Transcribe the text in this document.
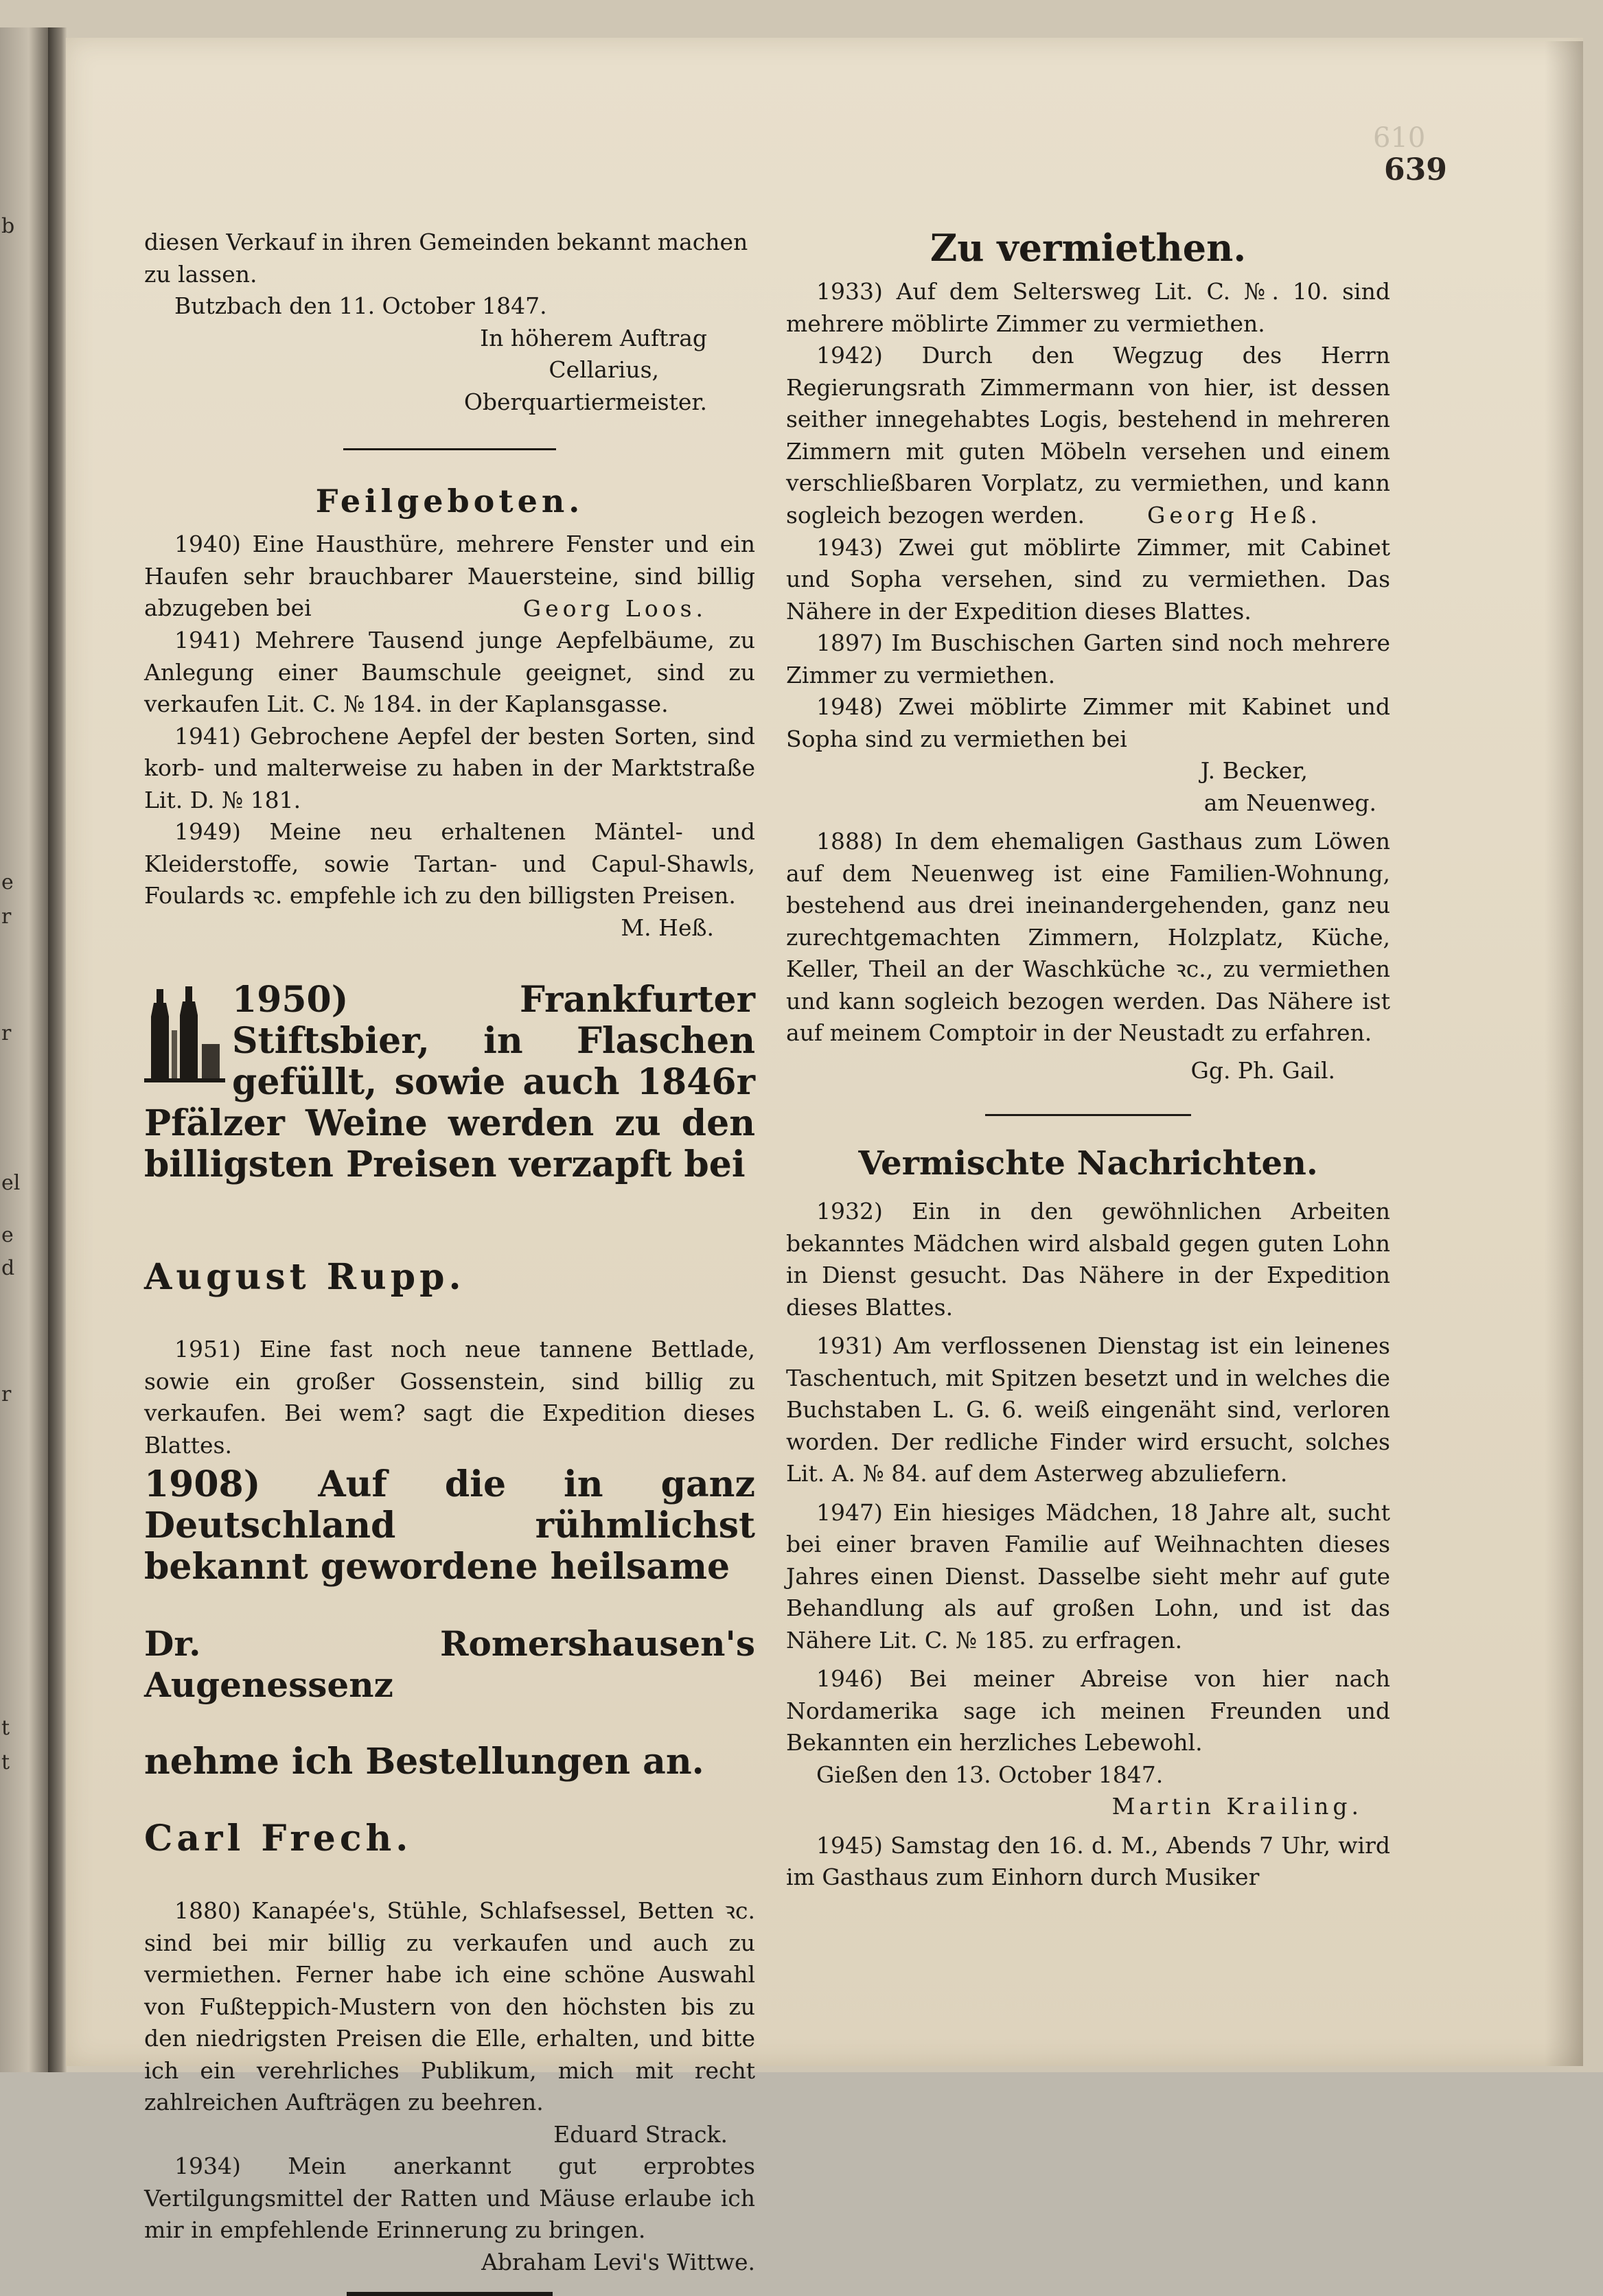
b
e
r
r
el
e
d
r
t
t
610
639

diesen Verkauf in ihren Gemeinden bekannt machen
zu lassen.

Butzbach den 11. October 1847.

In höherem Auftrag

Cellarius,

Oberquartiermeister.

Feilgeboten.

1940) Eine Hausthüre, mehrere Fenster und ein Haufen sehr brauchbarer Mauersteine, sind billig abzugeben bei	Georg Loos.

1941) Mehrere Tausend junge Aepfelbäume, zu Anlegung einer Baumschule geeignet, sind zu verkaufen Lit. C. № 184. in der Kaplansgasse.

1941) Gebrochene Aepfel der besten Sorten, sind korb- und malterweise zu haben in der Marktstraße Lit. D. № 181.

1949) Meine neu erhaltenen Mäntel- und Kleiderstoffe, sowie Tartan- und Capul-Shawls, Foulards ꝛc. empfehle ich zu den billigsten Preisen.

M. Heß.

1950) Frankfurter Stiftsbier, in Flaschen gefüllt, sowie auch 1846r Pfälzer Weine werden zu den billigsten Preisen verzapft bei

August Rupp.

1951) Eine fast noch neue tannene Bettlade, sowie ein großer Gossenstein, sind billig zu verkaufen. Bei wem? sagt die Expedition dieses Blattes.

1908) Auf die in ganz Deutschland rühmlichst bekannt gewordene heilsame

Dr. Romershausen's Augenessenz

nehme ich Bestellungen an.

Carl Frech.

1880) Kanapée's, Stühle, Schlafsessel, Betten ꝛc. sind bei mir billig zu verkaufen und auch zu vermiethen. Ferner habe ich eine schöne Auswahl von Fußteppich-Mustern von den höchsten bis zu den niedrigsten Preisen die Elle, erhalten, und bitte ich ein verehrliches Publikum, mich mit recht zahlreichen Aufträgen zu beehren.

Eduard Strack.

1934) Mein anerkannt gut erprobtes Vertilgungsmittel der Ratten und Mäuse erlaube ich mir in empfehlende Erinnerung zu bringen.

Abraham Levi's Wittwe.

Zu vermiethen.

1933) Auf dem Seltersweg Lit. C. №. 10. sind mehrere möblirte Zimmer zu vermiethen.

1942) Durch den Wegzug des Herrn Regierungsrath Zimmermann von hier, ist dessen seither innegehabtes Logis, bestehend in mehreren Zimmern mit guten Möbeln versehen und einem verschließbaren Vorplatz, zu vermiethen, und kann sogleich bezogen werden.	Georg Heß.

1943) Zwei gut möblirte Zimmer, mit Cabinet und Sopha versehen, sind zu vermiethen. Das Nähere in der Expedition dieses Blattes.

1897) Im Buschischen Garten sind noch mehrere Zimmer zu vermiethen.

1948) Zwei möblirte Zimmer mit Kabinet und Sopha sind zu vermiethen bei

J. Becker,

am Neuenweg.

1888) In dem ehemaligen Gasthaus zum Löwen auf dem Neuenweg ist eine Familien-Wohnung, bestehend aus drei ineinandergehenden, ganz neu zurechtgemachten Zimmern, Holzplatz, Küche, Keller, Theil an der Waschküche ꝛc., zu vermiethen und kann sogleich bezogen werden. Das Nähere ist auf meinem Comptoir in der Neustadt zu erfahren.

Gg. Ph. Gail.

Vermischte Nachrichten.

1932) Ein in den gewöhnlichen Arbeiten bekanntes Mädchen wird alsbald gegen guten Lohn in Dienst gesucht. Das Nähere in der Expedition dieses Blattes.

1931) Am verflossenen Dienstag ist ein leinenes Taschentuch, mit Spitzen besetzt und in welches die Buchstaben L. G. 6. weiß eingenäht sind, verloren worden. Der redliche Finder wird ersucht, solches Lit. A. № 84. auf dem Asterweg abzuliefern.

1947) Ein hiesiges Mädchen, 18 Jahre alt, sucht bei einer braven Familie auf Weihnachten dieses Jahres einen Dienst. Dasselbe sieht mehr auf gute Behandlung als auf großen Lohn, und ist das Nähere Lit. C. № 185. zu erfragen.

1946) Bei meiner Abreise von hier nach Nordamerika sage ich meinen Freunden und Bekannten ein herzliches Lebewohl.

Gießen den 13. October 1847.

Martin Krailing.

1945) Samstag den 16. d. M., Abends 7 Uhr, wird im Gasthaus zum Einhorn durch Musiker
